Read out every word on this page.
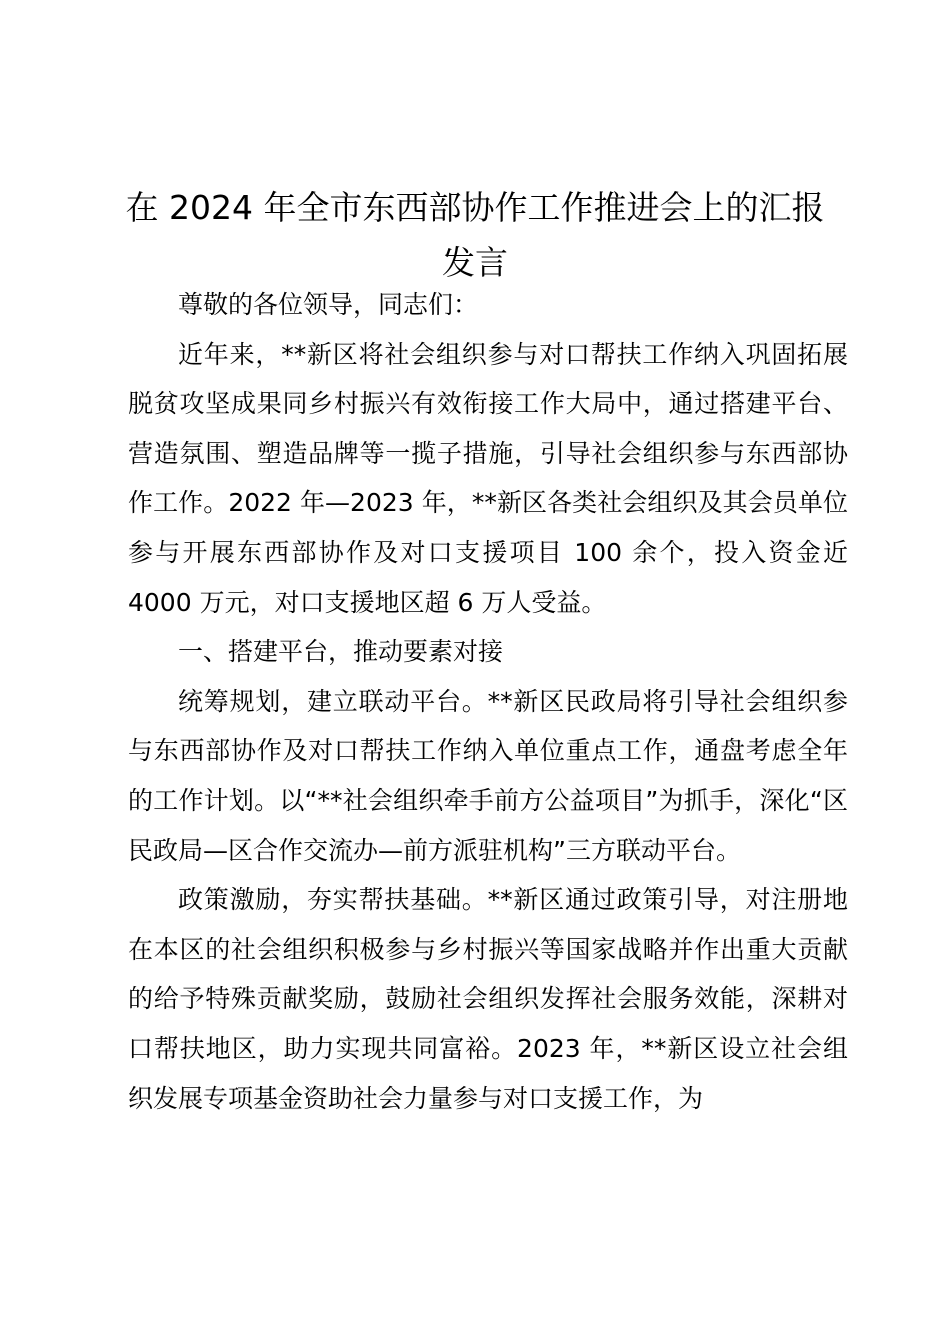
在 2024 年全市东西部协作工作推进会上的汇报发言

尊敬的各位领导，同志们：

近年来，**新区将社会组织参与对口帮扶工作纳入巩固拓展脱贫攻坚成果同乡村振兴有效衔接工作大局中，通过搭建平台、营造氛围、塑造品牌等一揽子措施，引导社会组织参与东西部协作工作。2022 年—2023 年，**新区各类社会组织及其会员单位参与开展东西部协作及对口支援项目 100 余个，投入资金近 4000 万元，对口支援地区超 6 万人受益。

一、搭建平台，推动要素对接

统筹规划，建立联动平台。**新区民政局将引导社会组织参与东西部协作及对口帮扶工作纳入单位重点工作，通盘考虑全年的工作计划。以“**社会组织牵手前方公益项目”为抓手，深化“区民政局—区合作交流办—前方派驻机构”三方联动平台。

政策激励，夯实帮扶基础。**新区通过政策引导，对注册地在本区的社会组织积极参与乡村振兴等国家战略并作出重大贡献的给予特殊贡献奖励，鼓励社会组织发挥社会服务效能，深耕对口帮扶地区，助力实现共同富裕。2023 年，**新区设立社会组织发展专项基金资助社会力量参与对口支援工作，为
